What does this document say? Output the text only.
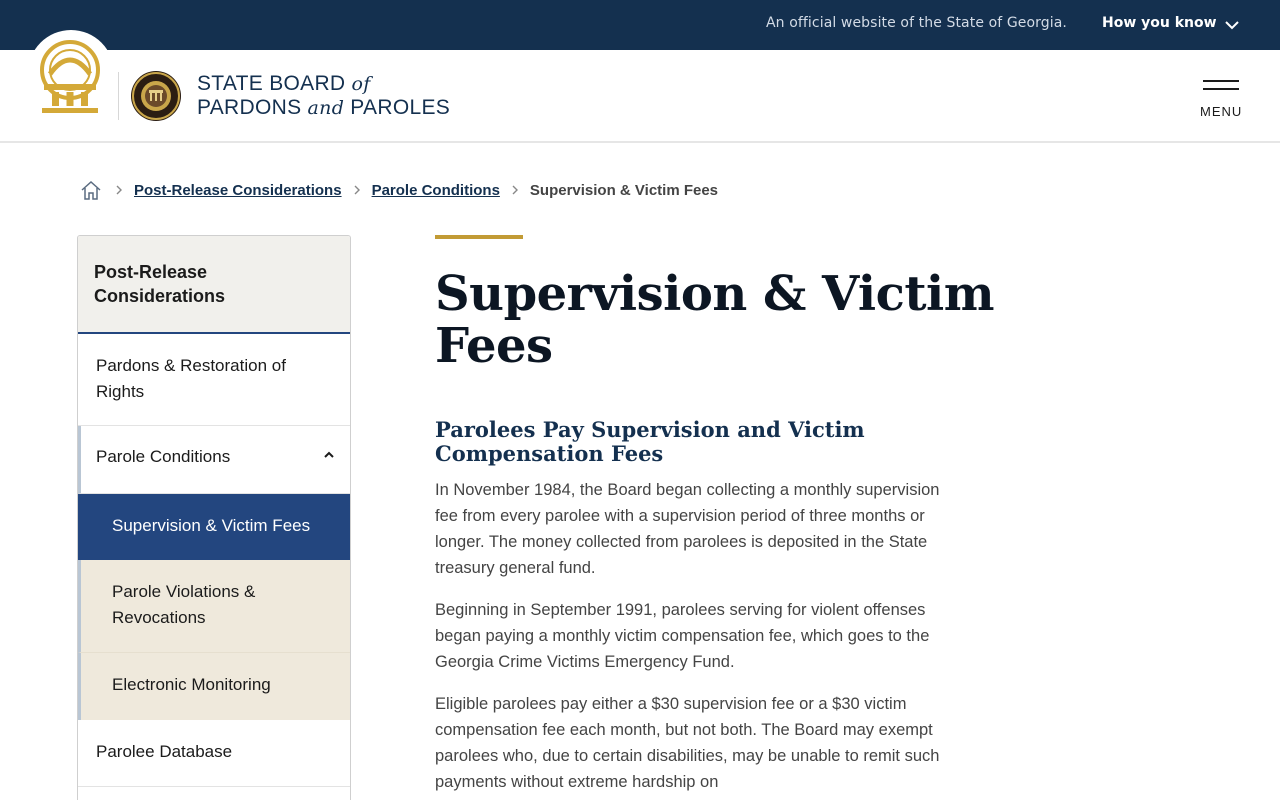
An official website of the State of Georgia.	How you know
STATE BOARD of
PARDONS and PAROLES	MENU
Post-Release Considerations Parole Conditions Supervision & Victim Fees
Post-Release Considerations
Pardons & Restoration of Rights
Parole Conditions
Supervision & Victim Fees
Parole Violations & Revocations
Electronic Monitoring
Parolee Database
Supervision & Victim Fees
Parolees Pay Supervision and Victim Compensation Fees

In November 1984, the Board began collecting a monthly supervision fee from every parolee with a supervision period of three months or longer. The money collected from parolees is deposited in the State treasury general fund.

Beginning in September 1991, parolees serving for violent offenses began paying a monthly victim compensation fee, which goes to the Georgia Crime Victims Emergency Fund.

Eligible parolees pay either a $30 supervision fee or a $30 victim compensation fee each month, but not both. The Board may exempt parolees who, due to certain disabilities, may be unable to remit such payments without extreme hardship on
